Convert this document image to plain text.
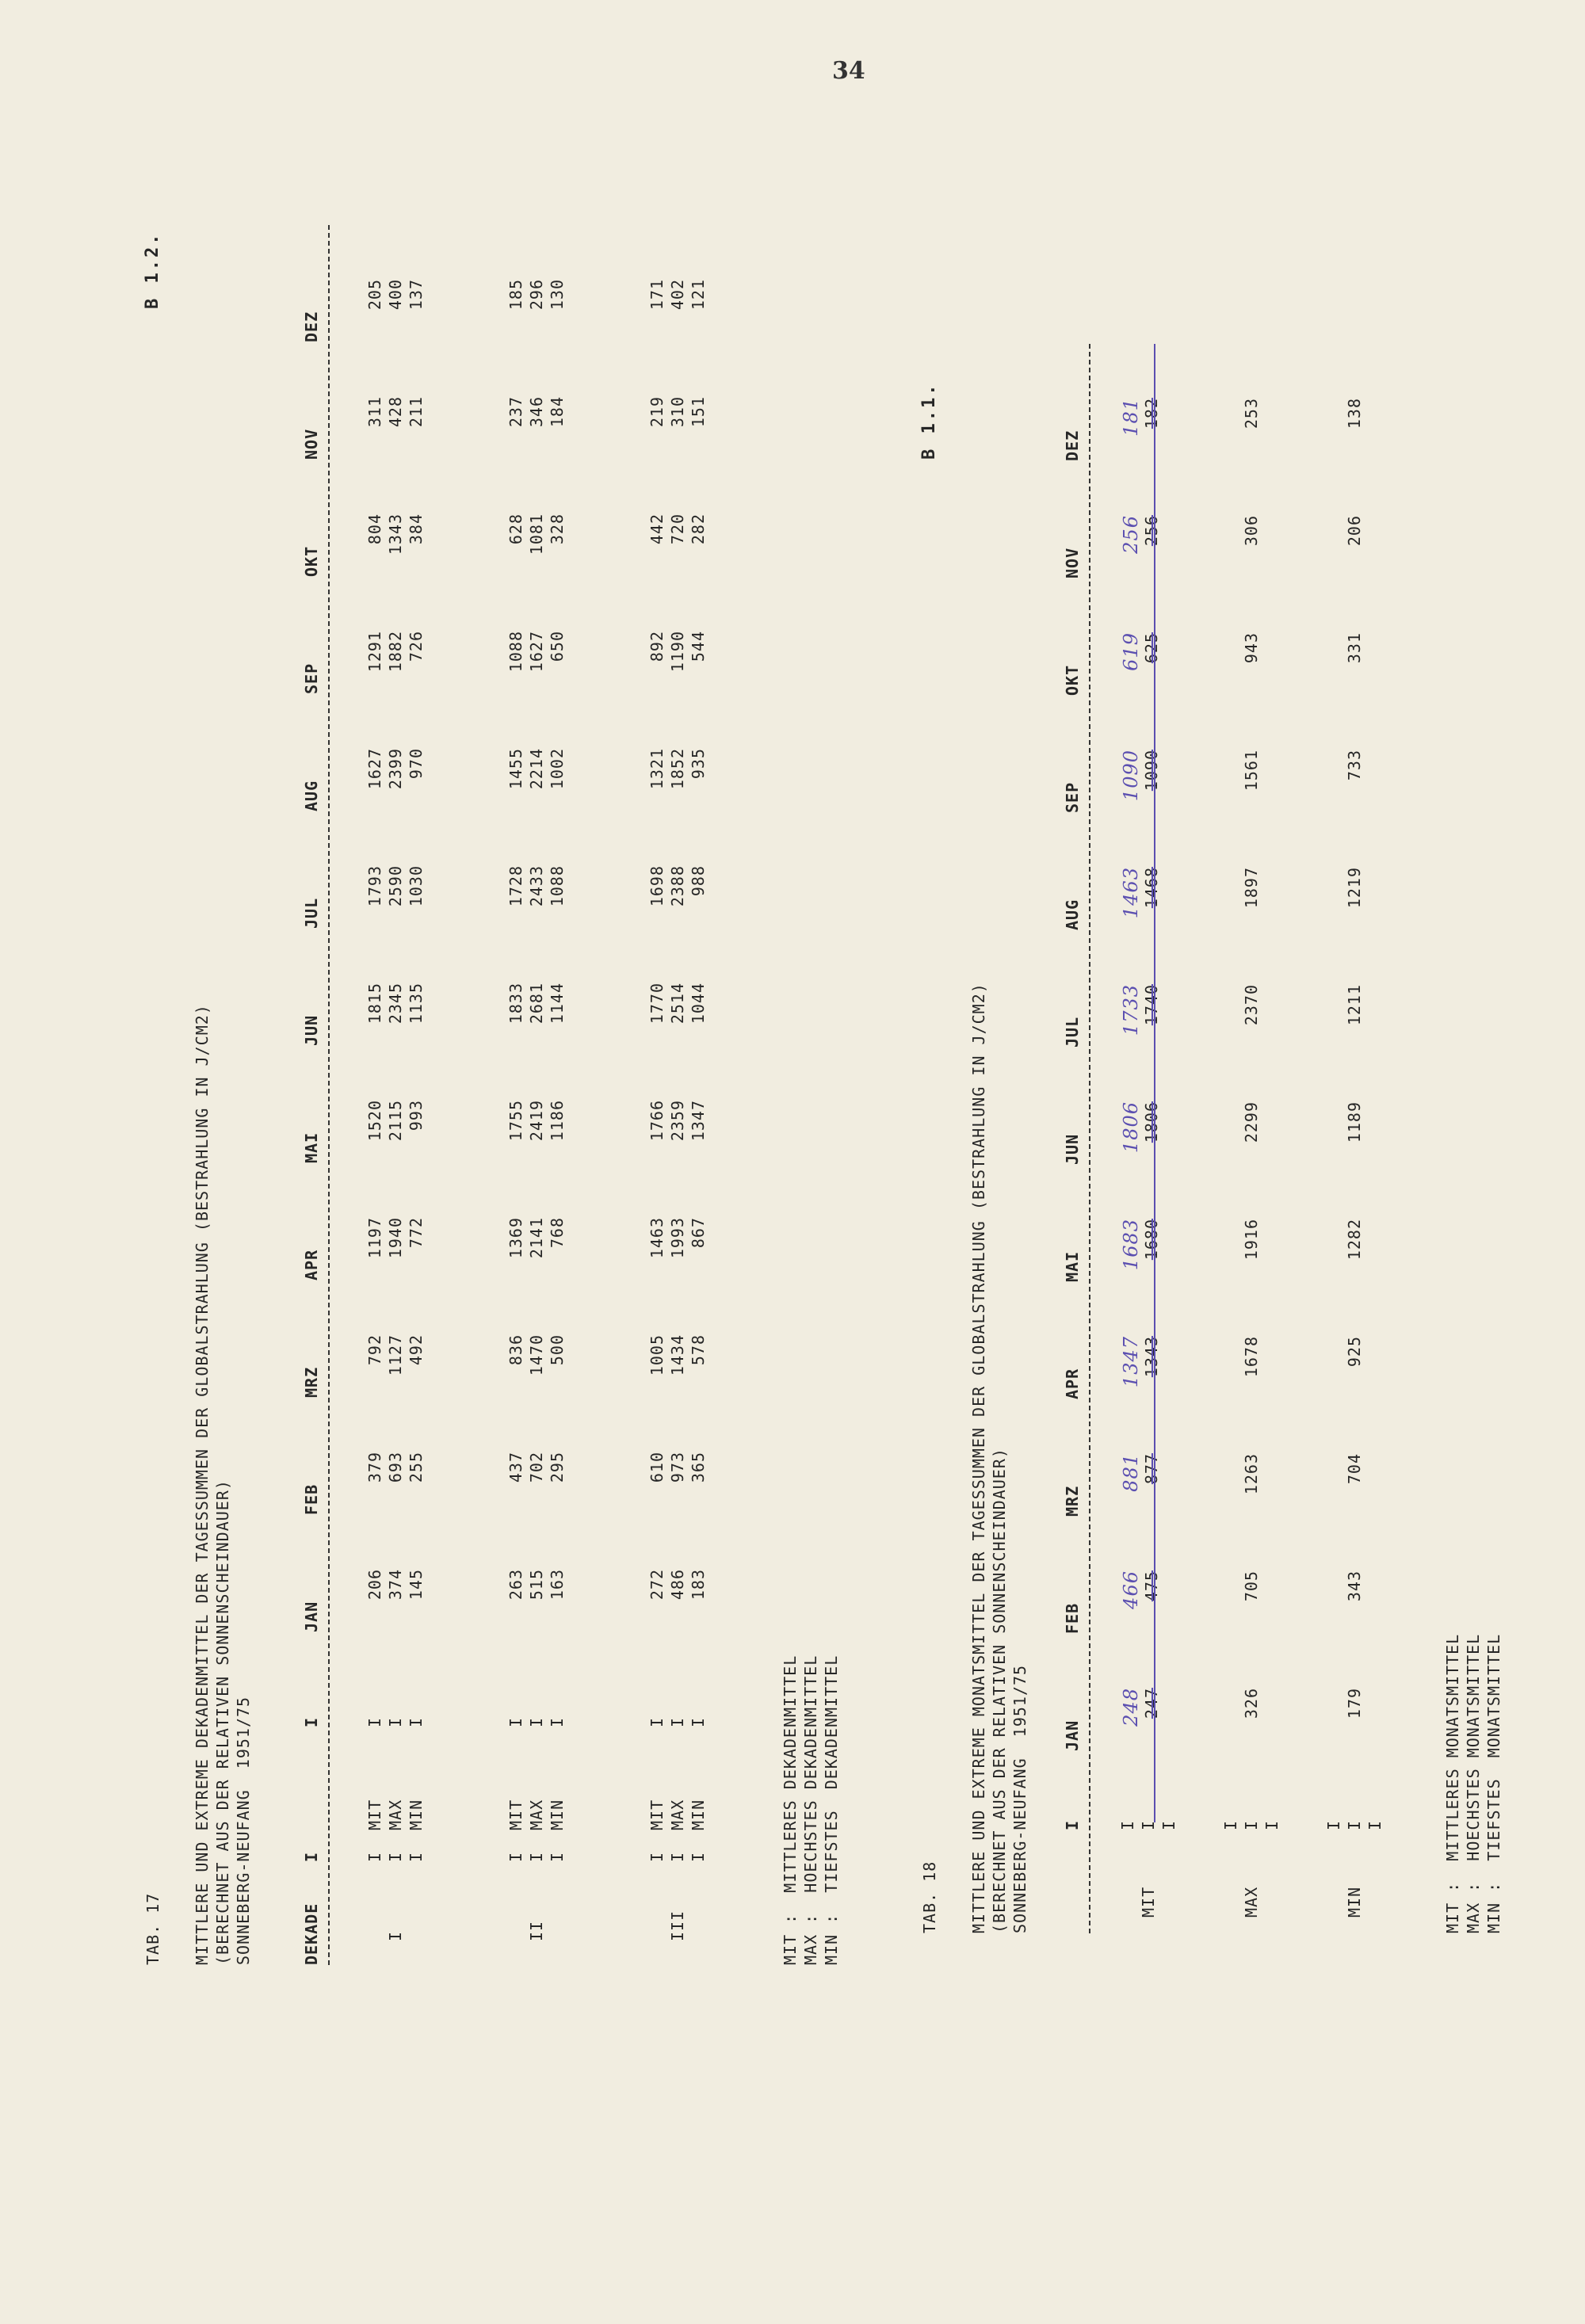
34

TAB. 17

B 1.2.

MITTLERE UND EXTREME DEKADENMITTEL DER TAGESSUMMEN DER GLOBALSTRAHLUNG (BESTRAHLUNG IN J/CM2)

(BERECHNET AUS DER RELATIVEN SONNENSCHEINDAUER)

SONNEBERG-NEUFANG  1951/75

	DEKADE
I
I
JAN
FEB
MRZ
APR
MAI
JUN
JUL
AUG
SEP
OKT
NOV
DEZ
I
I
MIT
I
206
379
792
1197
1520
1815
1793
1627
1291
804
311
205
I
MAX
I
374
693
1127
1940
2115
2345
2590
2399
1882
1343
428
400
I
MIN
I
145
255
492
772
993
1135
1030
970
726
384
211
137
II
I
MIT
I
263
437
836
1369
1755
1833
1728
1455
1088
628
237
185
I
MAX
I
515
702
1470
2141
2419
2681
2433
2214
1627
1081
346
296
I
MIN
I
163
295
500
768
1186
1144
1088
1002
650
328
184
130
III
I
MIT
I
272
610
1005
1463
1766
1770
1698
1321
892
442
219
171
I
MAX
I
486
973
1434
1993
2359
2514
2388
1852
1190
720
310
402
I
MIN
I
183
365
578
867
1347
1044
988
935
544
282
151
121
MIT :  MITTLERES DEKADENMITTEL MAX :  HOECHSTES DEKADENMITTEL MIN :  TIEFSTES  DEKADENMITTEL

	TAB. 18

B 1.1.

MITTLERE UND EXTREME MONATSMITTEL DER TAGESSUMMEN DER GLOBALSTRAHLUNG (BESTRAHLUNG IN J/CM2)

(BERECHNET AUS DER RELATIVEN SONNENSCHEINDAUER)

SONNEBERG-NEUFANG  1951/75

I
JAN
FEB
MRZ
APR
MAI
JUN
JUL
AUG
SEP
OKT
NOV
DEZ
MIT
I I I
248 247
466 475
881 877
1347 1343
1683 1680
1806 1806
1733 1740
1463 1468
1090 1090
619 625
256 256
181 182
MAX
I I I
326
705
1263
1678
1916
2299
2370
1897
1561
943
306
253
MIN
I I I
179
343
704
925
1282
1189
1211
1219
733
331
206
138
MIT :  MITTLERES MONATSMITTEL MAX :  HOECHSTES MONATSMITTEL MIN :  TIEFSTES  MONATSMITTEL
